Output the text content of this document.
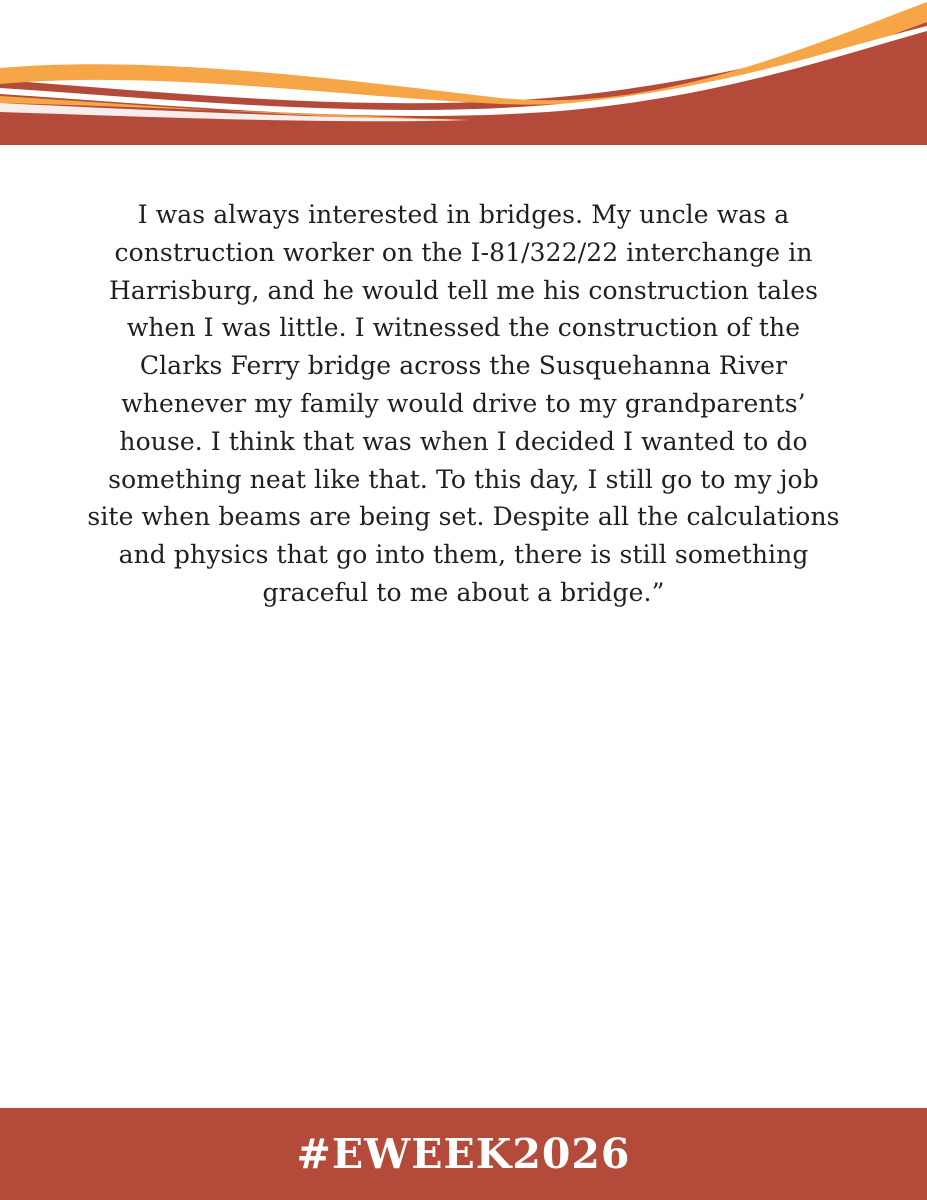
I was always interested in bridges. My uncle was a
construction worker on the I-81/322/22 interchange in
Harrisburg, and he would tell me his construction tales
when I was little. I witnessed the construction of the
Clarks Ferry bridge across the Susquehanna River
whenever my family would drive to my grandparents’
house. I think that was when I decided I wanted to do
something neat like that. To this day, I still go to my job
site when beams are being set. Despite all the calculations
and physics that go into them, there is still something
graceful to me about a bridge.”

#EWEEK2026
